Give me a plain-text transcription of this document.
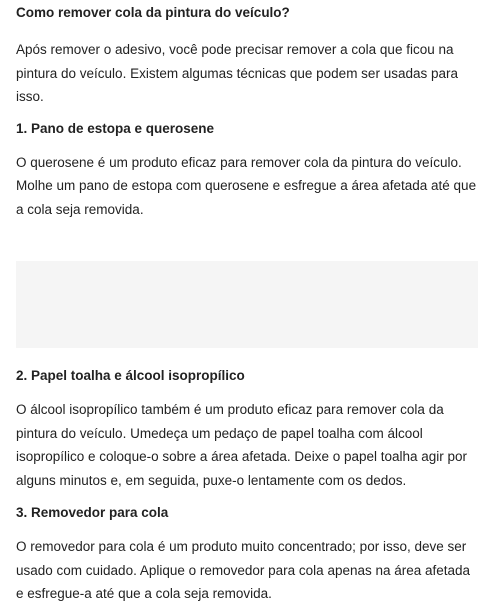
Como remover cola da pintura do veículo?

Após remover o adesivo, você pode precisar remover a cola que ficou na pintura do veículo. Existem algumas técnicas que podem ser usadas para isso.

1. Pano de estopa e querosene

O querosene é um produto eficaz para remover cola da pintura do veículo. Molhe um pano de estopa com querosene e esfregue a área afetada até que a cola seja removida.

2. Papel toalha e álcool isopropílico

O álcool isopropílico também é um produto eficaz para remover cola da pintura do veículo. Umedeça um pedaço de papel toalha com álcool isopropílico e coloque-o sobre a área afetada. Deixe o papel toalha agir por alguns minutos e, em seguida, puxe-o lentamente com os dedos.

3. Removedor para cola

O removedor para cola é um produto muito concentrado; por isso, deve ser usado com cuidado. Aplique o removedor para cola apenas na área afetada e esfregue-a até que a cola seja removida.
